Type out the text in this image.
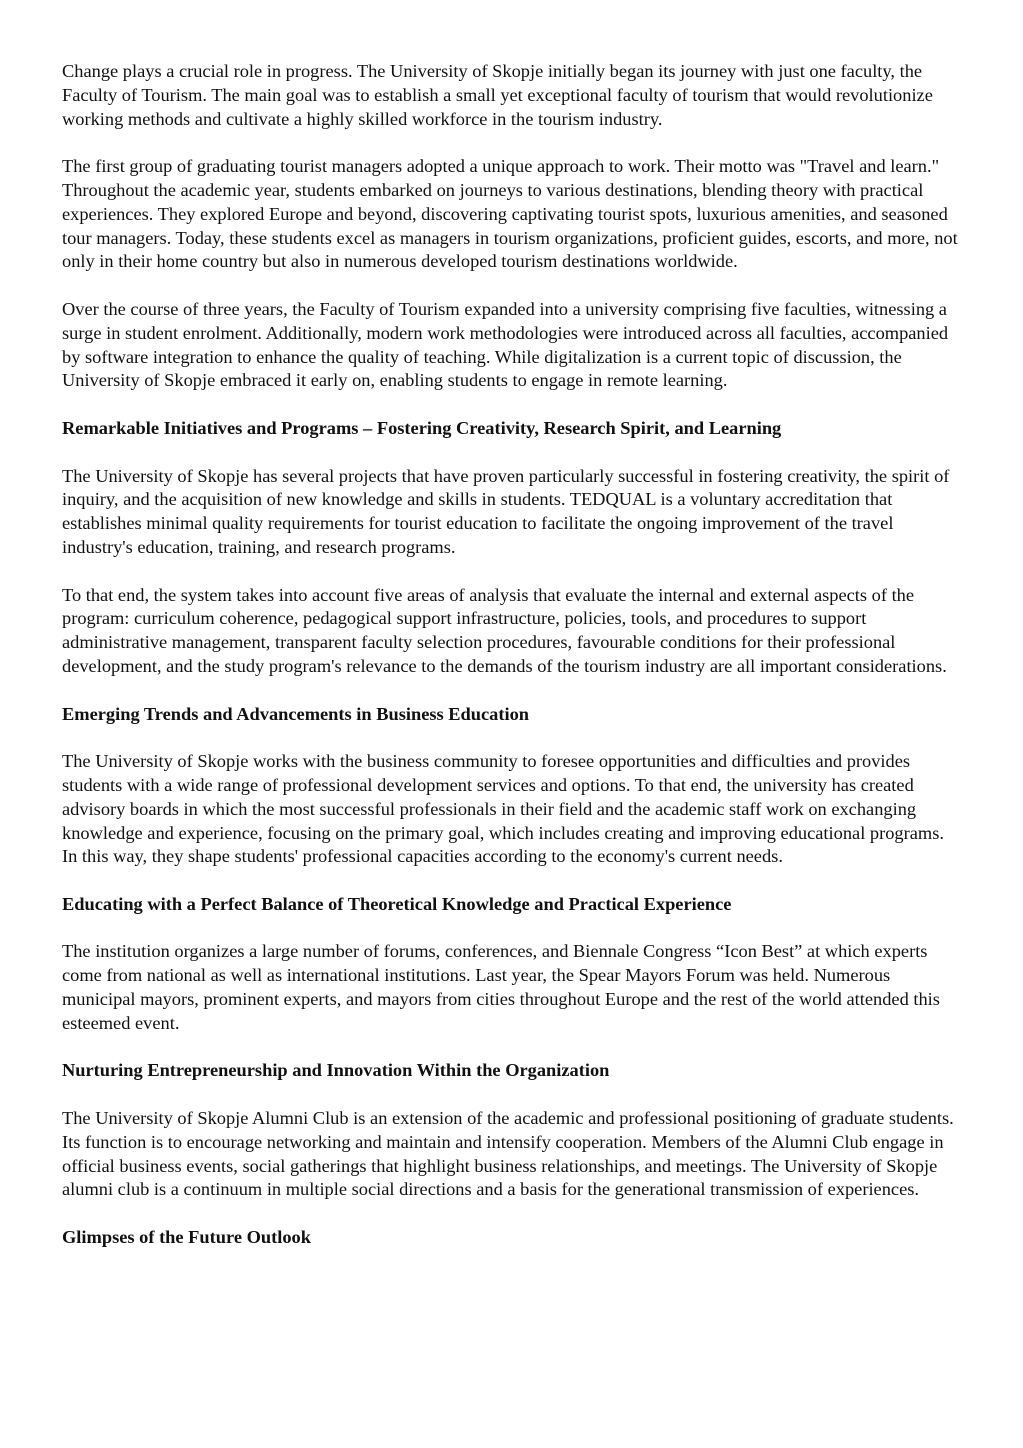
Change plays a crucial role in progress. The University of Skopje initially began its journey with just one faculty, the Faculty of Tourism. The main goal was to establish a small yet exceptional faculty of tourism that would revolutionize working methods and cultivate a highly skilled workforce in the tourism industry.

The first group of graduating tourist managers adopted a unique approach to work. Their motto was "Travel and learn." Throughout the academic year, students embarked on journeys to various destinations, blending theory with practical experiences. They explored Europe and beyond, discovering captivating tourist spots, luxurious amenities, and seasoned tour managers. Today, these students excel as managers in tourism organizations, proficient guides, escorts, and more, not only in their home country but also in numerous developed tourism destinations worldwide.

Over the course of three years, the Faculty of Tourism expanded into a university comprising five faculties, witnessing a surge in student enrolment. Additionally, modern work methodologies were introduced across all faculties, accompanied by software integration to enhance the quality of teaching. While digitalization is a current topic of discussion, the University of Skopje embraced it early on, enabling students to engage in remote learning.

Remarkable Initiatives and Programs – Fostering Creativity, Research Spirit, and Learning

The University of Skopje has several projects that have proven particularly successful in fostering creativity, the spirit of inquiry, and the acquisition of new knowledge and skills in students. TEDQUAL is a voluntary accreditation that establishes minimal quality requirements for tourist education to facilitate the ongoing improvement of the travel industry's education, training, and research programs.

To that end, the system takes into account five areas of analysis that evaluate the internal and external aspects of the program: curriculum coherence, pedagogical support infrastructure, policies, tools, and procedures to support administrative management, transparent faculty selection procedures, favourable conditions for their professional development, and the study program's relevance to the demands of the tourism industry are all important considerations.

Emerging Trends and Advancements in Business Education

The University of Skopje works with the business community to foresee opportunities and difficulties and provides students with a wide range of professional development services and options. To that end, the university has created advisory boards in which the most successful professionals in their field and the academic staff work on exchanging knowledge and experience, focusing on the primary goal, which includes creating and improving educational programs. In this way, they shape students' professional capacities according to the economy's current needs.

Educating with a Perfect Balance of Theoretical Knowledge and Practical Experience

The institution organizes a large number of forums, conferences, and Biennale Congress “Icon Best” at which experts come from national as well as international institutions. Last year, the Spear Mayors Forum was held. Numerous municipal mayors, prominent experts, and mayors from cities throughout Europe and the rest of the world attended this esteemed event.

Nurturing Entrepreneurship and Innovation Within the Organization

The University of Skopje Alumni Club is an extension of the academic and professional positioning of graduate students. Its function is to encourage networking and maintain and intensify cooperation. Members of the Alumni Club engage in official business events, social gatherings that highlight business relationships, and meetings. The University of Skopje alumni club is a continuum in multiple social directions and a basis for the generational transmission of experiences.

Glimpses of the Future Outlook
